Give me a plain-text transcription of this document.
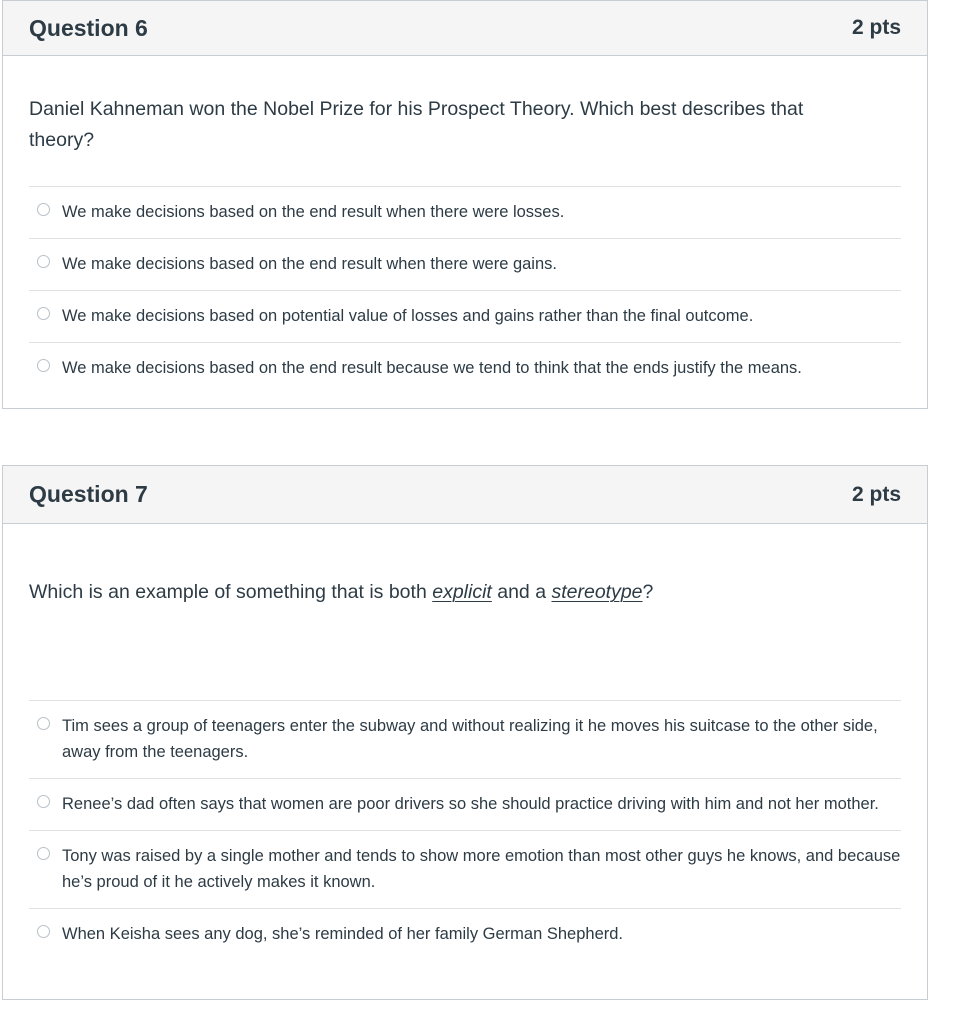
Question 6	2 pts
Daniel Kahneman won the Nobel Prize for his Prospect Theory. Which best describes that theory?
We make decisions based on the end result when there were losses.
We make decisions based on the end result when there were gains.
We make decisions based on potential value of losses and gains rather than the final outcome.
We make decisions based on the end result because we tend to think that the ends justify the means.
Question 7	2 pts
Which is an example of something that is both explicit and a stereotype?
Tim sees a group of teenagers enter the subway and without realizing it he moves his suitcase to the other side, away from the teenagers.
Renee’s dad often says that women are poor drivers so she should practice driving with him and not her mother.
Tony was raised by a single mother and tends to show more emotion than most other guys he knows, and because he’s proud of it he actively makes it known.
When Keisha sees any dog, she’s reminded of her family German Shepherd.
